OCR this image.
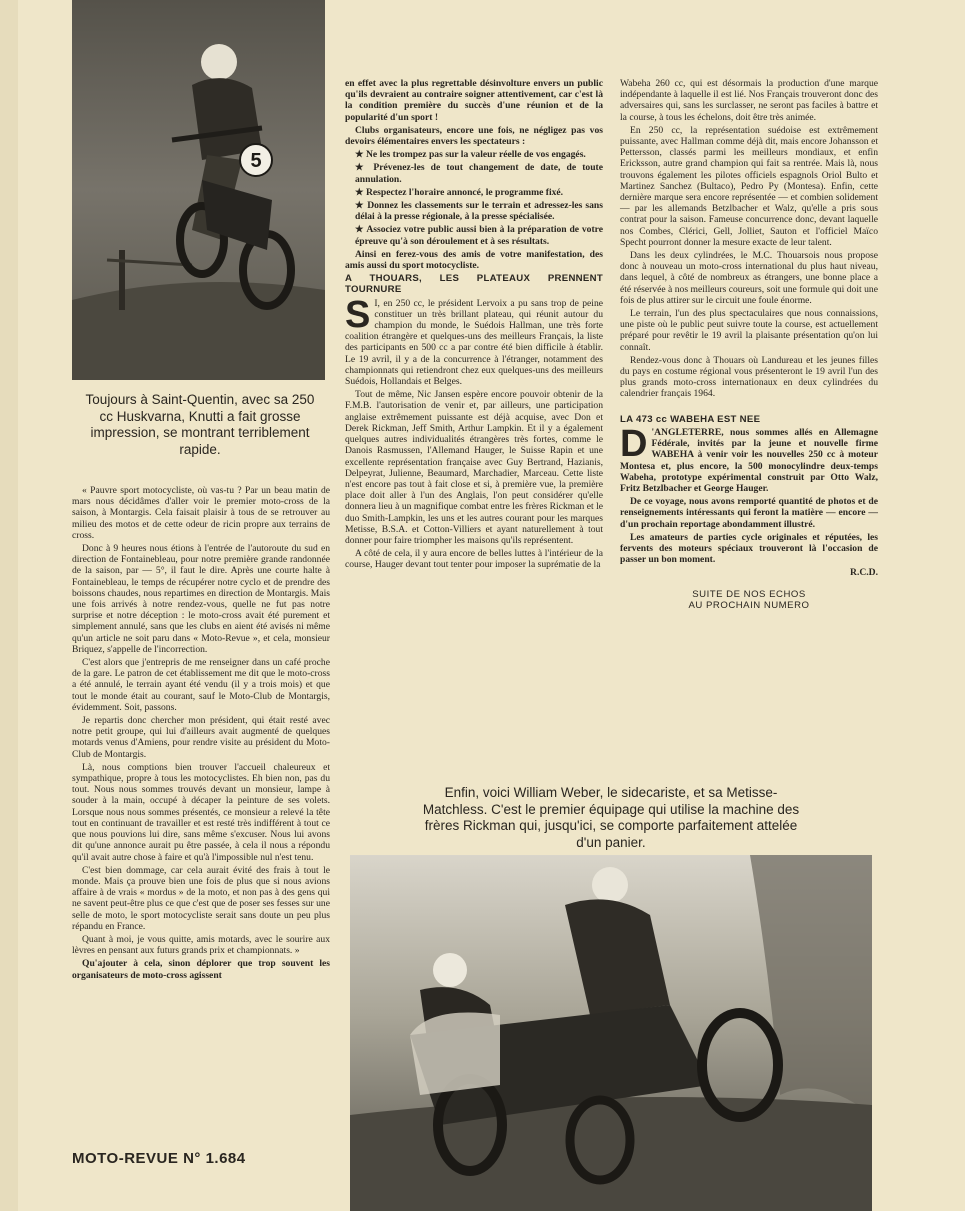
5
Toujours à Saint-Quentin, avec sa 250 cc Huskvarna, Knutti a fait grosse impression, se montrant terriblement rapide.

« Pauvre sport motocycliste, où vas-tu ? Par un beau matin de mars nous décidâmes d'aller voir le premier moto-cross de la saison, à Montargis. Cela faisait plaisir à tous de se retrouver au milieu des motos et de cette odeur de ricin propre aux terrains de cross.

Donc à 9 heures nous étions à l'entrée de l'autoroute du sud en direction de Fontainebleau, pour notre première grande randonnée de la saison, par — 5°, il faut le dire. Après une courte halte à Fontainebleau, le temps de récupérer notre cyclo et de prendre des boissons chaudes, nous repartimes en direction de Montargis. Mais une fois arrivés à notre rendez-vous, quelle ne fut pas notre surprise et notre déception : le moto-cross avait été purement et simplement annulé, sans que les clubs en aient été avisés ni même qu'un article ne soit paru dans « Moto-Revue », et cela, monsieur Briquez, s'appelle de l'incorrection.

C'est alors que j'entrepris de me renseigner dans un café proche de la gare. Le patron de cet établissement me dit que le moto-cross a été annulé, le terrain ayant été vendu (il y a trois mois) et que tout le monde était au courant, sauf le Moto-Club de Montargis, évidemment. Soit, passons.

Je repartis donc chercher mon président, qui était resté avec notre petit groupe, qui lui d'ailleurs avait augmenté de quelques motards venus d'Amiens, pour rendre visite au président du Moto-Club de Montargis.

Là, nous comptions bien trouver l'accueil chaleureux et sympathique, propre à tous les motocyclistes. Eh bien non, pas du tout. Nous nous sommes trouvés devant un monsieur, lampe à souder à la main, occupé à décaper la peinture de ses volets. Lorsque nous nous sommes présentés, ce monsieur a relevé la tête tout en continuant de travailler et est resté très indifférent à tout ce que nous pouvions lui dire, sans même s'excuser. Nous lui avons dit qu'une annonce aurait pu être passée, à cela il nous a répondu qu'il avait autre chose à faire et qu'à l'impossible nul n'est tenu.

C'est bien dommage, car cela aurait évité des frais à tout le monde. Mais ça prouve bien une fois de plus que si nous avions affaire à de vrais « mordus » de la moto, et non pas à des gens qui ne savent peut-être plus ce que c'est que de poser ses fesses sur une selle de moto, le sport motocycliste serait sans doute un peu plus répandu en France.

Quant à moi, je vous quitte, amis motards, avec le sourire aux lèvres en pensant aux futurs grands prix et championnats. »

Qu'ajouter à cela, sinon déplorer que trop souvent les organisateurs de moto-cross agissent

en effet avec la plus regrettable désinvolture envers un public qu'ils devraient au contraire soigner attentivement, car c'est là la condition première du succès d'une réunion et de la popularité d'un sport !

Clubs organisateurs, encore une fois, ne négligez pas vos devoirs élémentaires envers les spectateurs :

★ Ne les trompez pas sur la valeur réelle de vos engagés.

★ Prévenez-les de tout changement de date, de toute annulation.

★ Respectez l'horaire annoncé, le programme fixé.

★ Donnez les classements sur le terrain et adressez-les sans délai à la presse régionale, à la presse spécialisée.

★ Associez votre public aussi bien à la préparation de votre épreuve qu'à son déroulement et à ses résultats.

Ainsi en ferez-vous des amis de votre manifestation, des amis aussi du sport motocycliste.

A THOUARS, LES PLATEAUX PRENNENT TOURNURE

S I, en 250 cc, le président Lervoix a pu sans trop de peine constituer un très brillant plateau, qui réunit autour du champion du monde, le Suédois Hallman, une très forte coalition étrangère et quelques-uns des meilleurs Français, la liste des participants en 500 cc a par contre été bien difficile à établir. Le 19 avril, il y a de la concurrence à l'étranger, notamment des championnats qui retiendront chez eux quelques-uns des meilleurs Suédois, Hollandais et Belges.

Tout de même, Nic Jansen espère encore pouvoir obtenir de la F.M.B. l'autorisation de venir et, par ailleurs, une participation anglaise extrêmement puissante est déjà acquise, avec Don et Derek Rickman, Jeff Smith, Arthur Lampkin. Et il y a également quelques autres individualités étrangères très fortes, comme le Danois Rasmussen, l'Allemand Hauger, le Suisse Rapin et une excellente représentation française avec Guy Bertrand, Hazianis, Delpeyrat, Julienne, Beaumard, Marchadier, Marceau. Cette liste n'est encore pas tout à fait close et si, à première vue, la première place doit aller à l'un des Anglais, l'on peut considérer qu'elle donnera lieu à un magnifique combat entre les frères Rickman et le duo Smith-Lampkin, les uns et les autres courant pour les marques Metisse, B.S.A. et Cotton-Villiers et ayant naturellement à tout donner pour faire triompher les maisons qu'ils représentent.

A côté de cela, il y aura encore de belles luttes à l'intérieur de la course, Hauger devant tout tenter pour imposer la suprématie de la

Wabeha 260 cc, qui est désormais la production d'une marque indépendante à laquelle il est lié. Nos Français trouveront donc des adversaires qui, sans les surclasser, ne seront pas faciles à battre et la course, à tous les échelons, doit être très animée.

En 250 cc, la représentation suédoise est extrêmement puissante, avec Hallman comme déjà dit, mais encore Johansson et Pettersson, classés parmi les meilleurs mondiaux, et enfin Ericksson, autre grand champion qui fait sa rentrée. Mais là, nous trouvons également les pilotes officiels espagnols Oriol Bulto et Martinez Sanchez (Bultaco), Pedro Py (Montesa). Enfin, cette dernière marque sera encore représentée — et combien solidement — par les allemands Betzlbacher et Walz, qu'elle a pris sous contrat pour la saison. Fameuse concurrence donc, devant laquelle nos Combes, Clérici, Gell, Jolliet, Sauton et l'officiel Maïco Specht pourront donner la mesure exacte de leur talent.

Dans les deux cylindrées, le M.C. Thouarsois nous propose donc à nouveau un moto-cross international du plus haut niveau, dans lequel, à côté de nombreux as étrangers, une bonne place a été réservée à nos meilleurs coureurs, soit une formule qui doit une fois de plus attirer sur le circuit une foule énorme.

Le terrain, l'un des plus spectaculaires que nous connaissions, une piste où le public peut suivre toute la course, est actuellement préparé pour revêtir le 19 avril la plaisante présentation qu'on lui connaît.

Rendez-vous donc à Thouars où Landureau et les jeunes filles du pays en costume régional vous présenteront le 19 avril l'un des plus grands moto-cross internationaux en deux cylindrées du calendrier français 1964.

LA 473 cc WABEHA EST NEE

D 'ANGLETERRE, nous sommes allés en Allemagne Fédérale, invités par la jeune et nouvelle firme WABEHA à venir voir les nouvelles 250 cc à moteur Montesa et, plus encore, la 500 monocylindre deux-temps Wabeha, prototype expérimental construit par Otto Walz, Fritz Betzlbacher et George Hauger.

De ce voyage, nous avons remporté quantité de photos et de renseignements intéressants qui feront la matière — encore — d'un prochain reportage abondamment illustré.

Les amateurs de parties cycle originales et réputées, les fervents des moteurs spéciaux trouveront là l'occasion de passer un bon moment.

R.C.D.

SUITE DE NOS ECHOS
AU PROCHAIN NUMERO
Enfin, voici William Weber, le sidecariste, et sa Metisse-Matchless. C'est le premier équipage qui utilise la machine des frères Rickman qui, jusqu'ici, se comporte parfaitement attelée d'un panier.
MOTO-REVUE N° 1.684
